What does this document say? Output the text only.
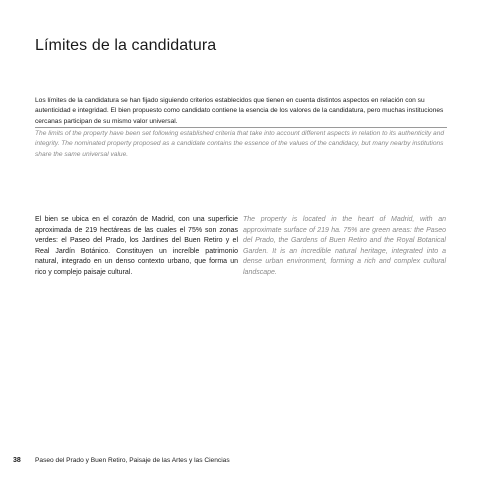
Límites de la candidatura

Los límites de la candidatura se han fijado siguiendo criterios establecidos que tienen en cuenta distintos aspectos en relación con su autenticidad e integridad. El bien propuesto como candidato contiene la esencia de los valores de la candidatura, pero muchas instituciones cercanas participan de su mismo valor universal.

The limits of the property have been set following established criteria that take into account different aspects in relation to its authenticity and integrity. The nominated property proposed as a candidate contains the essence of the values of the candidacy, but many nearby institutions share the same universal value.

El bien se ubica en el corazón de Madrid, con una superficie aproximada de 219 hectáreas de las cuales el 75% son zonas verdes: el Paseo del Prado, los Jardines del Buen Retiro y el Real Jardín Botánico. Constituyen un increíble patrimonio natural, integrado en un denso contexto urbano, que forma un rico y complejo paisaje cultural.

The property is located in the heart of Madrid, with an approximate surface of 219 ha. 75% are green areas: the Paseo del Prado, the Gardens of Buen Retiro and the Royal Botanical Garden. It is an incredible natural heritage, integrated into a dense urban environment, forming a rich and complex cultural landscape.

38 Paseo del Prado y Buen Retiro, Paisaje de las Artes y las Ciencias
